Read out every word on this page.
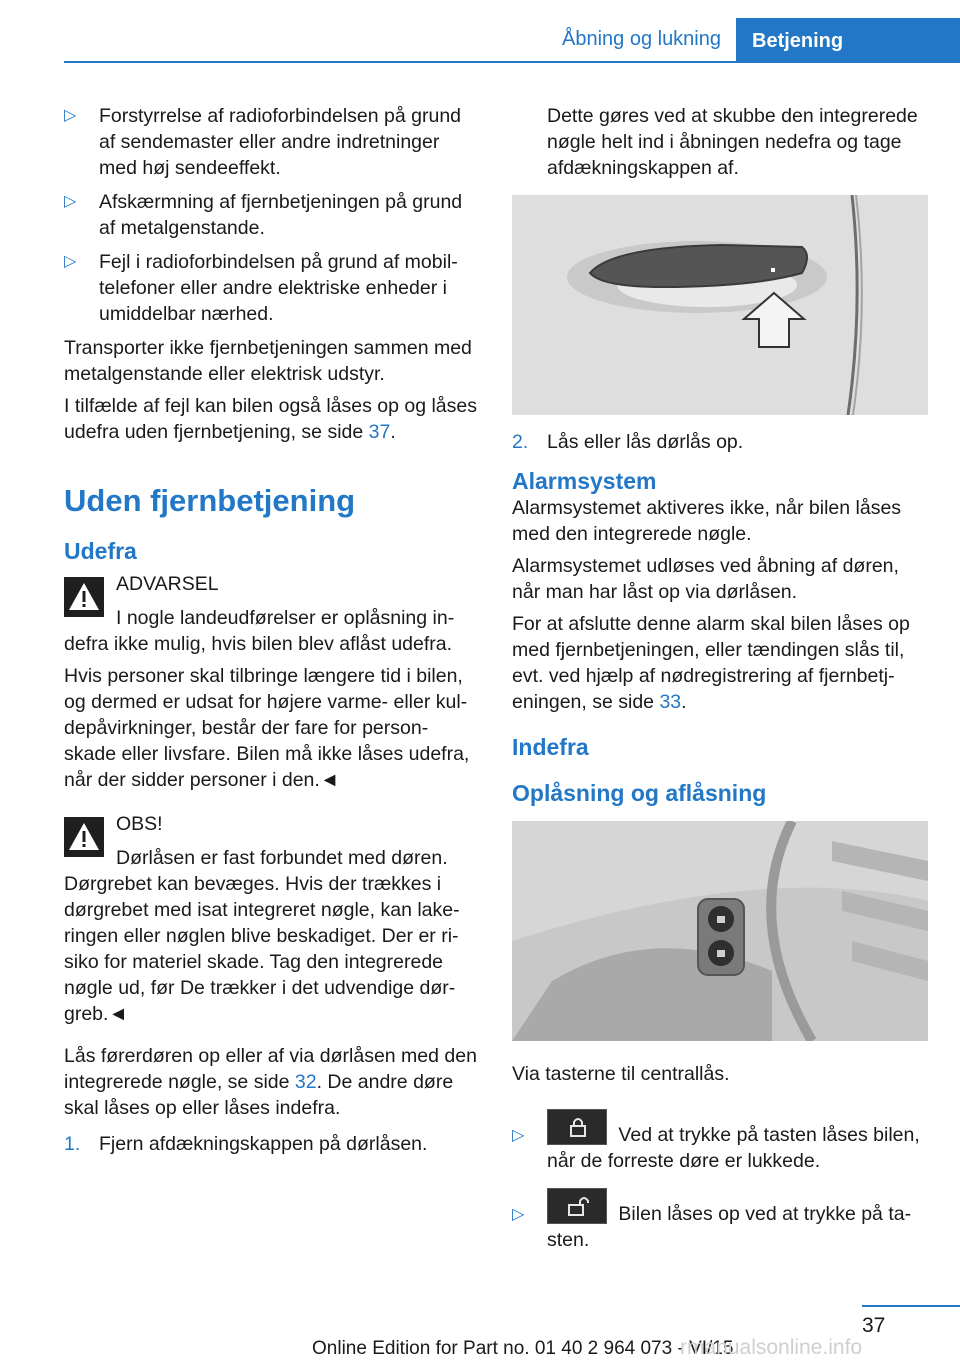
Åbning og lukning	Betjening
▷ Forstyrrelse af radioforbindelsen på grund af sendemaster eller andre indretninger med høj sendeeffekt.
▷ Afskærmning af fjernbetjeningen på grund af metalgenstande.
▷ Fejl i radioforbindelsen på grund af mobil‐telefoner eller andre elektriske enheder i umiddelbar nærhed.

Transporter ikke fjernbetjeningen sammen med metalgenstande eller elektrisk udstyr.

I tilfælde af fejl kan bilen også låses op og låses udefra uden fjernbetjening, se side 37.

Uden fjernbetjening
Udefra

ADVARSEL

I nogle landeudførelser er oplåsning in‐

defra ikke mulig, hvis bilen blev aflåst udefra.

Hvis personer skal tilbringe længere tid i bilen, og dermed er udsat for højere varme- eller kul‐depåvirkninger, består der fare for person‐skade eller livsfare. Bilen må ikke låses udefra, når der sidder personer i den.◄

OBS!

Dørlåsen er fast forbundet med døren.

Dørgrebet kan bevæges. Hvis der trækkes i dørgrebet med isat integreret nøgle, kan lake‐ringen eller nøglen blive beskadiget. Der er ri‐siko for materiel skade. Tag den integrerede nøgle ud, før De trækker i det udvendige dør‐greb.◄

Lås førerdøren op eller af via dørlåsen med den integrerede nøgle, se side 32. De andre døre skal låses op eller låses indefra.

1. Fjern afdækningskappen på dørlåsen.

Dette gøres ved at skubbe den integrerede nøgle helt ind i åbningen nedefra og tage afdækningskappen af.

2. Lås eller lås dørlås op.
Alarmsystem

Alarmsystemet aktiveres ikke, når bilen låses med den integrerede nøgle.

Alarmsystemet udløses ved åbning af døren, når man har låst op via dørlåsen.

For at afslutte denne alarm skal bilen låses op med fjernbetjeningen, eller tændingen slås til, evt. ved hjælp af nødregistrering af fjernbetj‐eningen, se side 33.

Indefra
Oplåsning og aflåsning

Via tasterne til centrallås.

▷	Ved at trykke på tasten låses bilen, når de forreste døre er lukkede.
▷	Bilen låses op ved at trykke på ta‐sten.
37
Online Edition for Part no. 01 40 2 964 073 - VI/15
rmanualsonline.info
